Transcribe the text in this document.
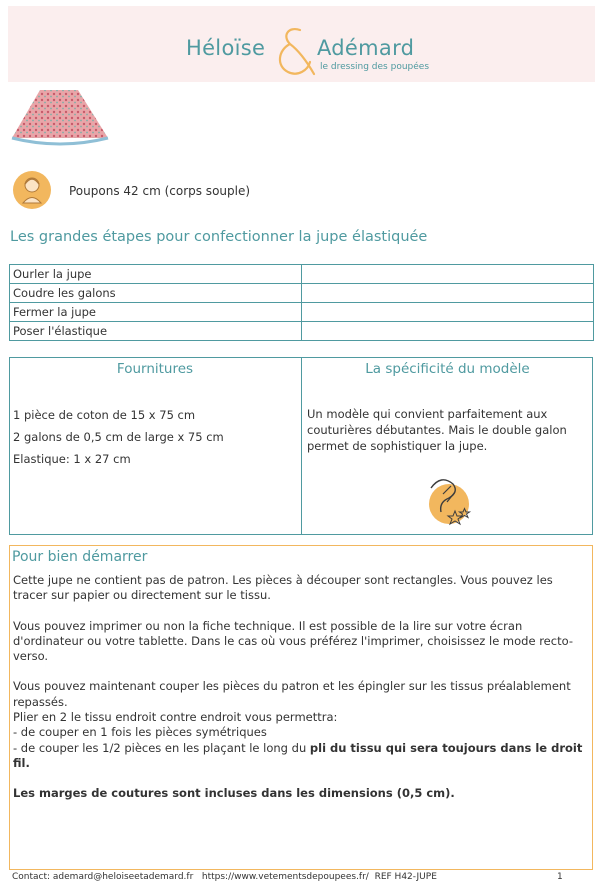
Héloïse Adémard
le dressing des poupées
Poupons 42 cm (corps souple)
Les grandes étapes pour confectionner la jupe élastiquée
Ourler la jupe	
Coudre les galons	
Fermer la jupe	
Poser l'élastique	
Fournitures	La spécificité du modèle
1 pièce de coton de 15 x 75 cm
2 galons de 0,5 cm de large x 75 cm
Elastique: 1 x 27 cm
Un modèle qui convient parfaitement aux couturières débutantes. Mais le double galon permet de sophistiquer la jupe.
Pour bien démarrer

Cette jupe ne contient pas de patron. Les pièces à découper sont rectangles. Vous pouvez les tracer sur papier ou directement sur le tissu.

Vous pouvez imprimer ou non la fiche technique. Il est possible de la lire sur votre écran d'ordinateur ou votre tablette. Dans le cas où vous préférez l'imprimer, choisissez le mode recto-verso.

Vous pouvez maintenant couper les pièces du patron et les épingler sur les tissus préalablement repassés.
Plier en 2 le tissu endroit contre endroit vous permettra:
- de couper en 1 fois les pièces symétriques
- de couper les 1/2 pièces en les plaçant le long du pli du tissu qui sera toujours dans le droit fil.

Les marges de coutures sont incluses dans les dimensions (0,5 cm).

Contact: ademard@heloiseetademard.fr https://www.vetementsdepoupees.fr/ REF H42-JUPE	1
